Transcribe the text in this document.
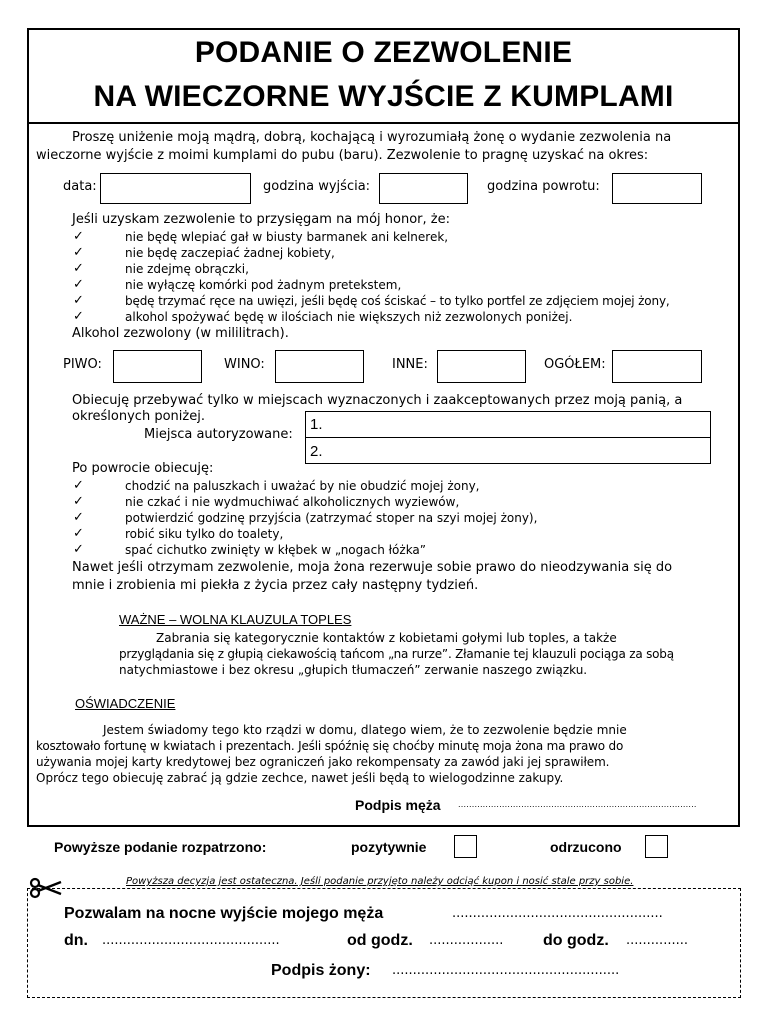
PODANIE O ZEZWOLENIE
NA WIECZORNE WYJŚCIE Z KUMPLAMI
Proszę uniżenie moją mądrą, dobrą, kochającą i wyrozumiałą żonę o wydanie zezwolenia na
wieczorne wyjście z moimi kumplami do pubu (baru). Zezwolenie to pragnę uzyskać na okres:
data:	godzina wyjścia:	godzina powrotu:
Jeśli uzyskam zezwolenie to przysięgam na mój honor, że:
✓	nie będę wlepiać gał w biusty barmanek ani kelnerek,
✓	nie będę zaczepiać żadnej kobiety,
✓	nie zdejmę obrączki,
✓	nie wyłączę komórki pod żadnym pretekstem,
✓	będę trzymać ręce na uwięzi, jeśli będę coś ściskać – to tylko portfel ze zdjęciem mojej żony,
✓	alkohol spożywać będę w ilościach nie większych niż zezwolonych poniżej.
Alkohol zezwolony (w mililitrach).
PIWO:	WINO:	INNE:	OGÓŁEM:
Obiecuję przebywać tylko w miejscach wyznaczonych i zaakceptowanych przez moją panią, a
określonych poniżej.
Miejsca autoryzowane:
1.
2.
Po powrocie obiecuję:
✓	chodzić na paluszkach i uważać by nie obudzić mojej żony,
✓	nie czkać i nie wydmuchiwać alkoholicznych wyziewów,
✓	potwierdzić godzinę przyjścia (zatrzymać stoper na szyi mojej żony),
✓	robić siku tylko do toalety,
✓	spać cichutko zwinięty w kłębek w „nogach łóżka”
Nawet jeśli otrzymam zezwolenie, moja żona rezerwuje sobie prawo do nieodzywania się do
mnie i zrobienia mi piekła z życia przez cały następny tydzień.
WAŻNE – WOLNA KLAUZULA TOPLES
Zabrania się kategorycznie kontaktów z kobietami gołymi lub toples, a także
przyglądania się z głupią ciekawością tańcom „na rurze”. Złamanie tej klauzuli pociąga za sobą
natychmiastowe i bez okresu „głupich tłumaczeń” zerwanie naszego związku.
OŚWIADCZENIE
Jestem świadomy tego kto rządzi w domu, dlatego wiem, że to zezwolenie będzie mnie
kosztowało fortunę w kwiatach i prezentach. Jeśli spóźnię się choćby minutę moja żona ma prawo do
używania mojej karty kredytowej bez ograniczeń jako rekompensaty za zawód jaki jej sprawiłem.
Oprócz tego obiecuję zabrać ją gdzie zechce, nawet jeśli będą to wielogodzinne zakupy.
Podpis męża .......................................................................................
Powyższe podanie rozpatrzono:	pozytywnie	odrzucono
Powyższa decyzja jest ostateczna. Jeśli podanie przyjęto należy odciąć kupon i nosić stale przy sobie.
Pozwalam na nocne wyjście mojego męża	...................................................
dn. ...........................................	od godz. .................. do godz. ...............
Podpis żony: .......................................................
